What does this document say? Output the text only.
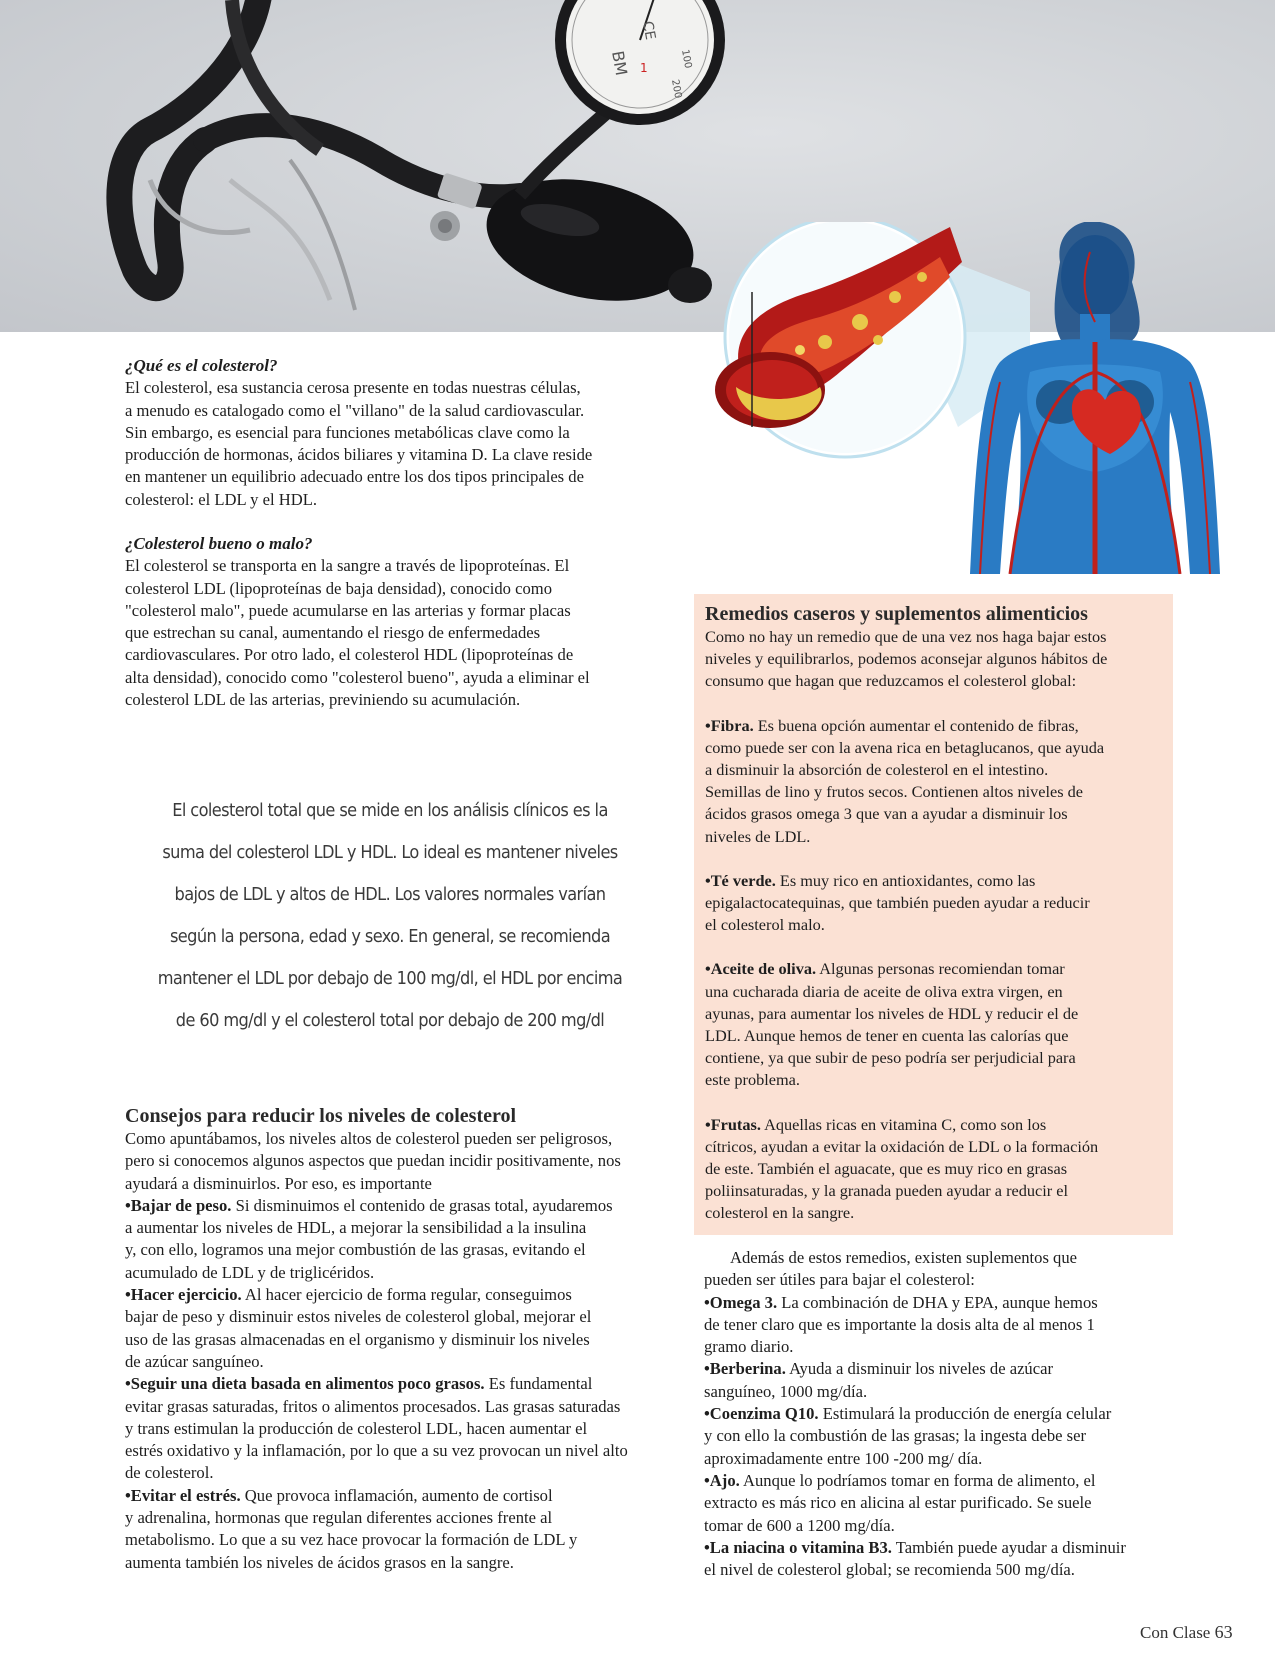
BM
CE
1	100
200

¿Qué es el colesterol?

El colesterol, esa sustancia cerosa presente en todas nuestras células,

a menudo es catalogado como el "villano" de la salud cardiovascular.

Sin embargo, es esencial para funciones metabólicas clave como la

producción de hormonas, ácidos biliares y vitamina D. La clave reside

en mantener un equilibrio adecuado entre los dos tipos principales de

colesterol: el LDL y el HDL.

¿Colesterol bueno o malo?

El colesterol se transporta en la sangre a través de lipoproteínas. El

colesterol LDL (lipoproteínas de baja densidad), conocido como

"colesterol malo", puede acumularse en las arterias y formar placas

que estrechan su canal, aumentando el riesgo de enfermedades

cardiovasculares. Por otro lado, el colesterol HDL (lipoproteínas de

alta densidad), conocido como "colesterol bueno", ayuda a eliminar el

colesterol LDL de las arterias, previniendo su acumulación.

El colesterol total que se mide en los análisis clínicos es la
suma del colesterol LDL y HDL. Lo ideal es mantener niveles
bajos de LDL y altos de HDL. Los valores normales varían
según la persona, edad y sexo. En general, se recomienda
mantener el LDL por debajo de 100 mg/dl, el HDL por encima
de 60 mg/dl y el colesterol total por debajo de 200 mg/dl
Remedios caseros y suplementos alimenticios

Como no hay un remedio que de una vez nos haga bajar estos

niveles y equilibrarlos, podemos aconsejar algunos hábitos de

consumo que hagan que reduzcamos el colesterol global:

•Fibra. Es buena opción aumentar el contenido de fibras,

como puede ser con la avena rica en betaglucanos, que ayuda

a disminuir la absorción de colesterol en el intestino.

Semillas de lino y frutos secos. Contienen altos niveles de

ácidos grasos omega 3 que van a ayudar a disminuir los

niveles de LDL.

•Té verde. Es muy rico en antioxidantes, como las

epigalactocatequinas, que también pueden ayudar a reducir

el colesterol malo.

•Aceite de oliva. Algunas personas recomiendan tomar

una cucharada diaria de aceite de oliva extra virgen, en

ayunas, para aumentar los niveles de HDL y reducir el de

LDL. Aunque hemos de tener en cuenta las calorías que

contiene, ya que subir de peso podría ser perjudicial para

este problema.

•Frutas. Aquellas ricas en vitamina C, como son los

cítricos, ayudan a evitar la oxidación de LDL o la formación

de este. También el aguacate, que es muy rico en grasas

poliinsaturadas, y la granada pueden ayudar a reducir el

colesterol en la sangre.

Consejos para reducir los niveles de colesterol

Como apuntábamos, los niveles altos de colesterol pueden ser peligrosos,

pero si conocemos algunos aspectos que puedan incidir positivamente, nos

ayudará a disminuirlos. Por eso, es importante

•Bajar de peso. Si disminuimos el contenido de grasas total, ayudaremos

a aumentar los niveles de HDL, a mejorar la sensibilidad a la insulina

y, con ello, logramos una mejor combustión de las grasas, evitando el

acumulado de LDL y de triglicéridos.

•Hacer ejercicio. Al hacer ejercicio de forma regular, conseguimos

bajar de peso y disminuir estos niveles de colesterol global, mejorar el

uso de las grasas almacenadas en el organismo y disminuir los niveles

de azúcar sanguíneo.

•Seguir una dieta basada en alimentos poco grasos. Es fundamental

evitar grasas saturadas, fritos o alimentos procesados. Las grasas saturadas

y trans estimulan la producción de colesterol LDL, hacen aumentar el

estrés oxidativo y la inflamación, por lo que a su vez provocan un nivel alto

de colesterol.

•Evitar el estrés. Que provoca inflamación, aumento de cortisol

y adrenalina, hormonas que regulan diferentes acciones frente al

metabolismo. Lo que a su vez hace provocar la formación de LDL y

aumenta también los niveles de ácidos grasos en la sangre.

Además de estos remedios, existen suplementos que

pueden ser útiles para bajar el colesterol:

•Omega 3. La combinación de DHA y EPA, aunque hemos

de tener claro que es importante la dosis alta de al menos 1

gramo diario.

•Berberina. Ayuda a disminuir los niveles de azúcar

sanguíneo, 1000 mg/día.

•Coenzima Q10. Estimulará la producción de energía celular

y con ello la combustión de las grasas; la ingesta debe ser

aproximadamente entre 100 -200 mg/ día.

•Ajo. Aunque lo podríamos tomar en forma de alimento, el

extracto es más rico en alicina al estar purificado. Se suele

tomar de 600 a 1200 mg/día.

•La niacina o vitamina B3. También puede ayudar a disminuir

el nivel de colesterol global; se recomienda 500 mg/día.

Con Clase 63
